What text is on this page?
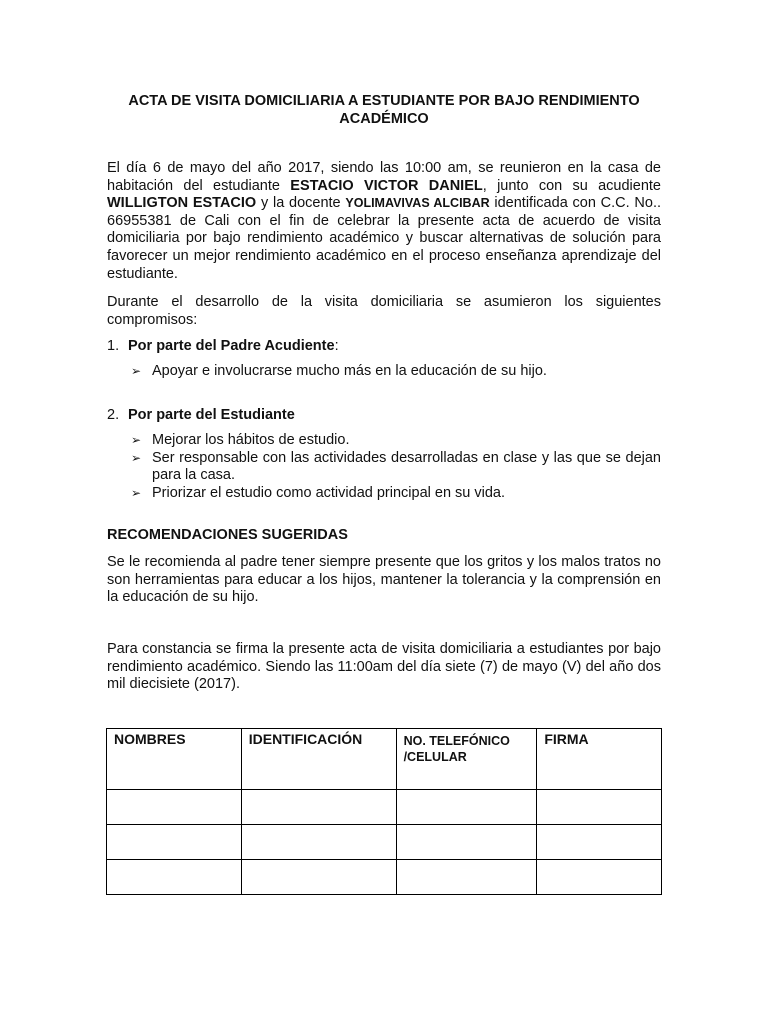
ACTA DE VISITA DOMICILIARIA A ESTUDIANTE POR BAJO RENDIMIENTO
ACADÉMICO

El día 6 de mayo del año 2017, siendo las 10:00 am, se reunieron en la casa de habitación del estudiante ESTACIO VICTOR DANIEL, junto con su acudiente WILLIGTON ESTACIO y la docente YOLIMAVIVAS ALCIBAR identificada con C.C. No.. 66955381 de Cali con el fin de celebrar la presente acta de acuerdo de visita domiciliaria por bajo rendimiento académico y buscar alternativas de solución para favorecer un mejor rendimiento académico en el proceso enseñanza aprendizaje del estudiante.

Durante el desarrollo de la visita domiciliaria se asumieron los siguientes compromisos:

1. Por parte del Padre Acudiente:
➢ Apoyar e involucrarse mucho más en la educación de su hijo.
2. Por parte del Estudiante
➢ Mejorar los hábitos de estudio.
➢ Ser responsable con las actividades desarrolladas en clase y las que se dejan para la casa.
➢ Priorizar el estudio como actividad principal en su vida.
RECOMENDACIONES SUGERIDAS

Se le recomienda al padre tener siempre presente que los gritos y los malos tratos no son herramientas para educar a los hijos, mantener la tolerancia y la comprensión en la educación de su hijo.

Para constancia se firma la presente acta de visita domiciliaria a estudiantes por bajo rendimiento académico. Siendo las 11:00am del día siete (7) de mayo (V) del año dos mil diecisiete (2017).

NOMBRES	IDENTIFICACIÓN	NO. TELEFÓNICO /CELULAR	FIRMA
